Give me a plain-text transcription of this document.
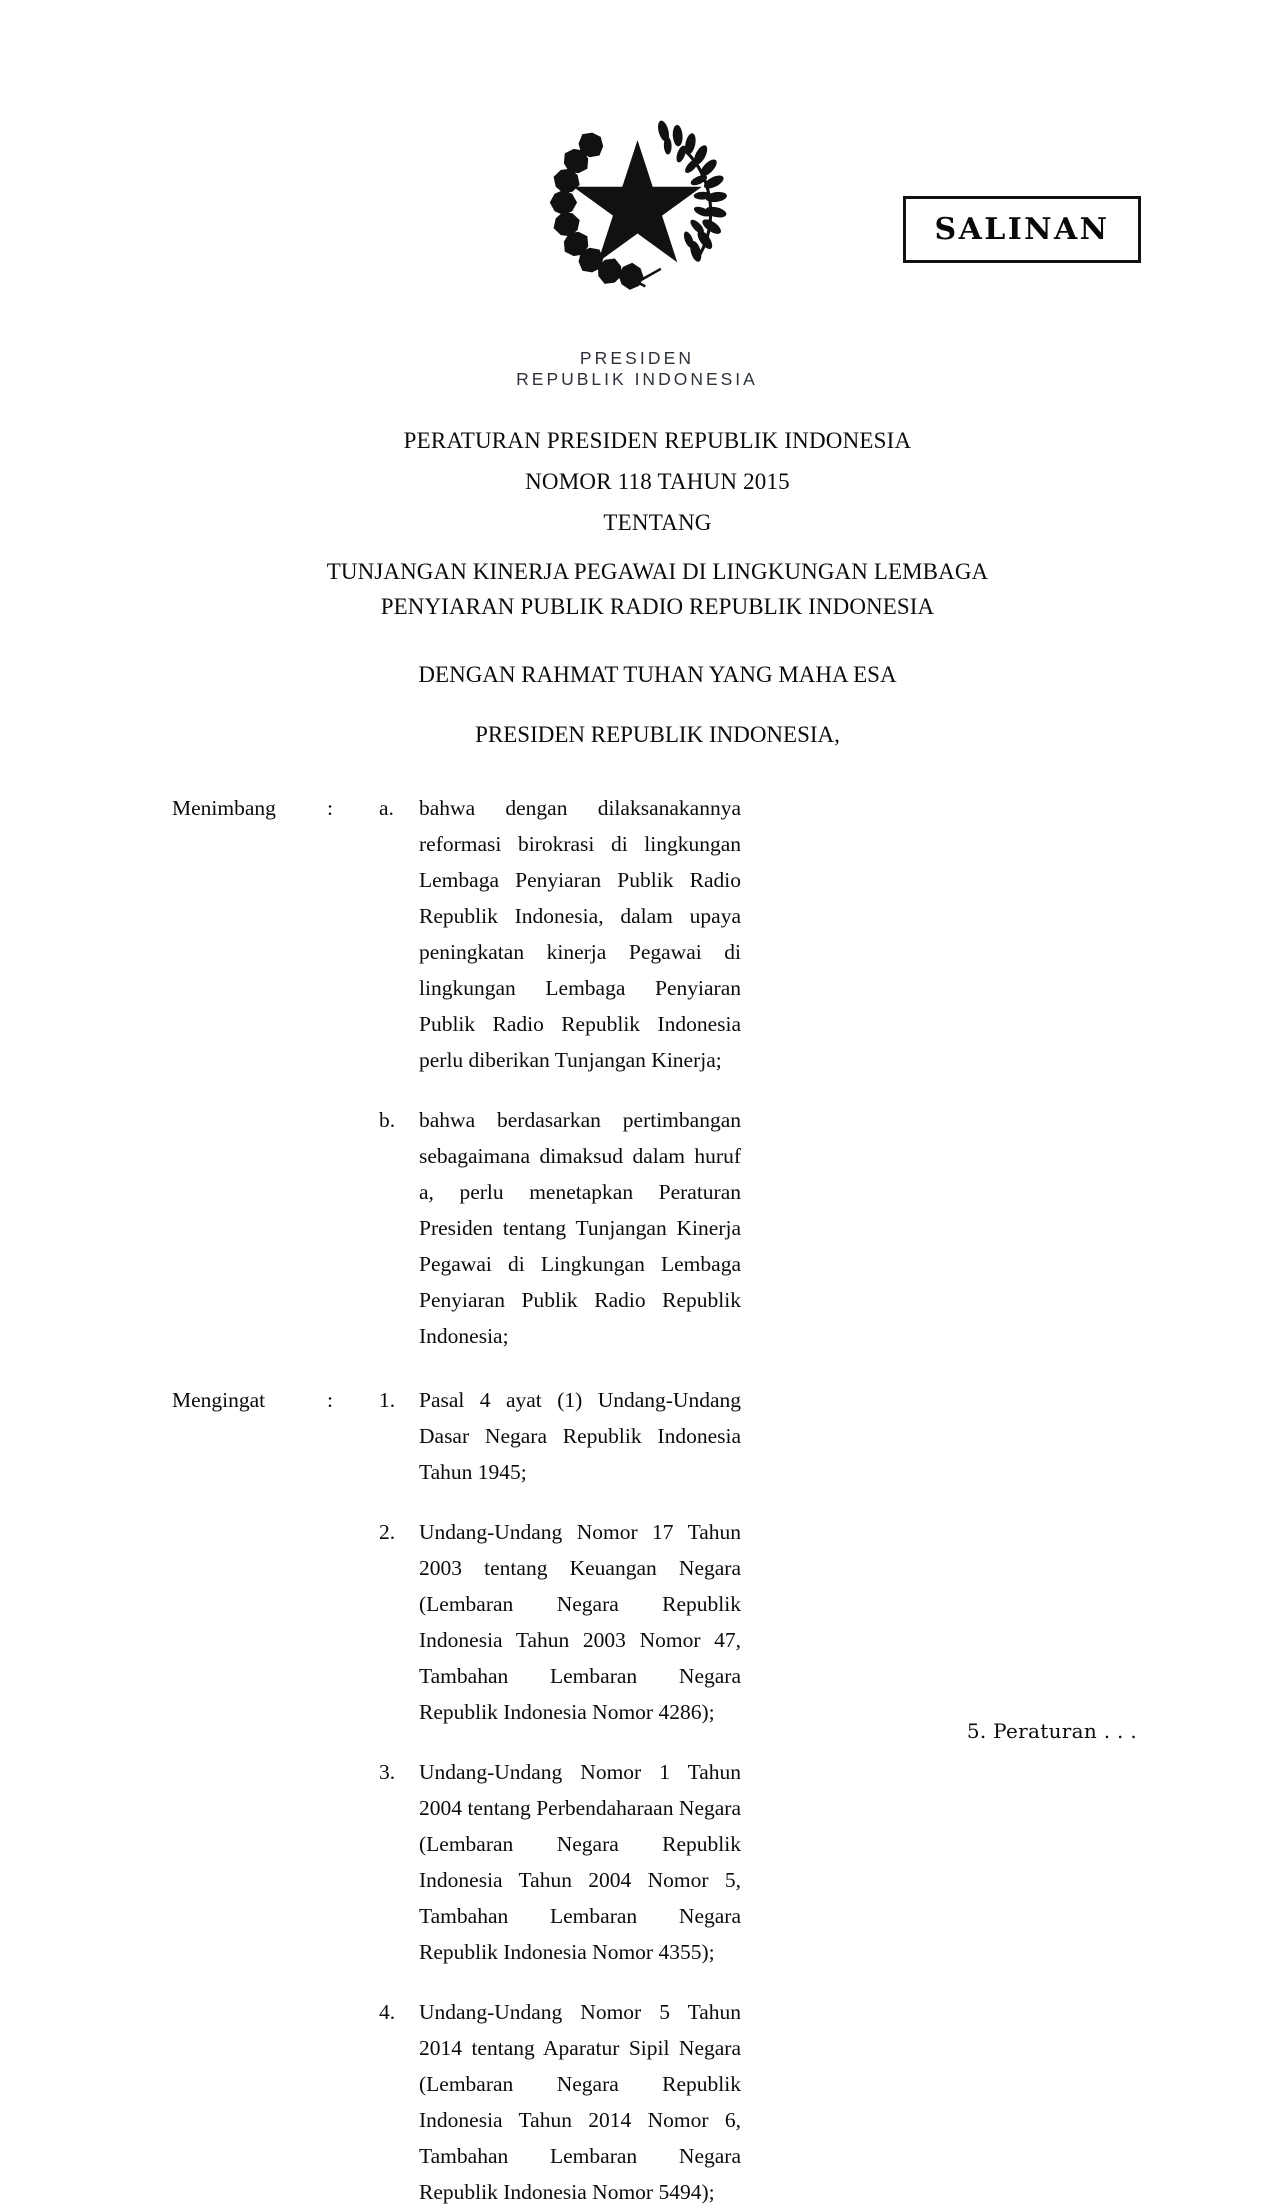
PRESIDEN
REPUBLIK INDONESIA
SALINAN
PERATURAN PRESIDEN REPUBLIK INDONESIA
NOMOR 118 TAHUN 2015
TENTANG
TUNJANGAN KINERJA PEGAWAI DI LINGKUNGAN LEMBAGA
PENYIARAN PUBLIK RADIO REPUBLIK INDONESIA
DENGAN RAHMAT TUHAN YANG MAHA ESA
PRESIDEN REPUBLIK INDONESIA,
Menimbang	:	a.	bahwa dengan dilaksanakannya reformasi birokrasi di lingkungan Lembaga Penyiaran Publik Radio Republik Indonesia, dalam upaya peningkatan kinerja Pegawai di lingkungan Lembaga Penyiaran Publik Radio Republik Indonesia perlu diberikan Tunjangan Kinerja;
b.	bahwa berdasarkan pertimbangan sebagaimana dimaksud dalam huruf a, perlu menetapkan Peraturan Presiden tentang Tunjangan Kinerja Pegawai di Lingkungan Lembaga Penyiaran Publik Radio Republik Indonesia;
Mengingat	:	1.	Pasal 4 ayat (1) Undang-Undang Dasar Negara Republik Indonesia Tahun 1945;
2.	Undang-Undang Nomor 17 Tahun 2003 tentang Keuangan Negara (Lembaran Negara Republik Indonesia Tahun 2003 Nomor 47, Tambahan Lembaran Negara Republik Indonesia Nomor 4286);
3.	Undang-Undang Nomor 1 Tahun 2004 tentang Perbendaharaan Negara (Lembaran Negara Republik Indonesia Tahun 2004 Nomor 5, Tambahan Lembaran Negara Republik Indonesia Nomor 4355);
4.	Undang-Undang Nomor 5 Tahun 2014 tentang Aparatur Sipil Negara (Lembaran Negara Republik Indonesia Tahun 2014 Nomor 6, Tambahan Lembaran Negara Republik Indonesia Nomor 5494);
5. Peraturan . . .
